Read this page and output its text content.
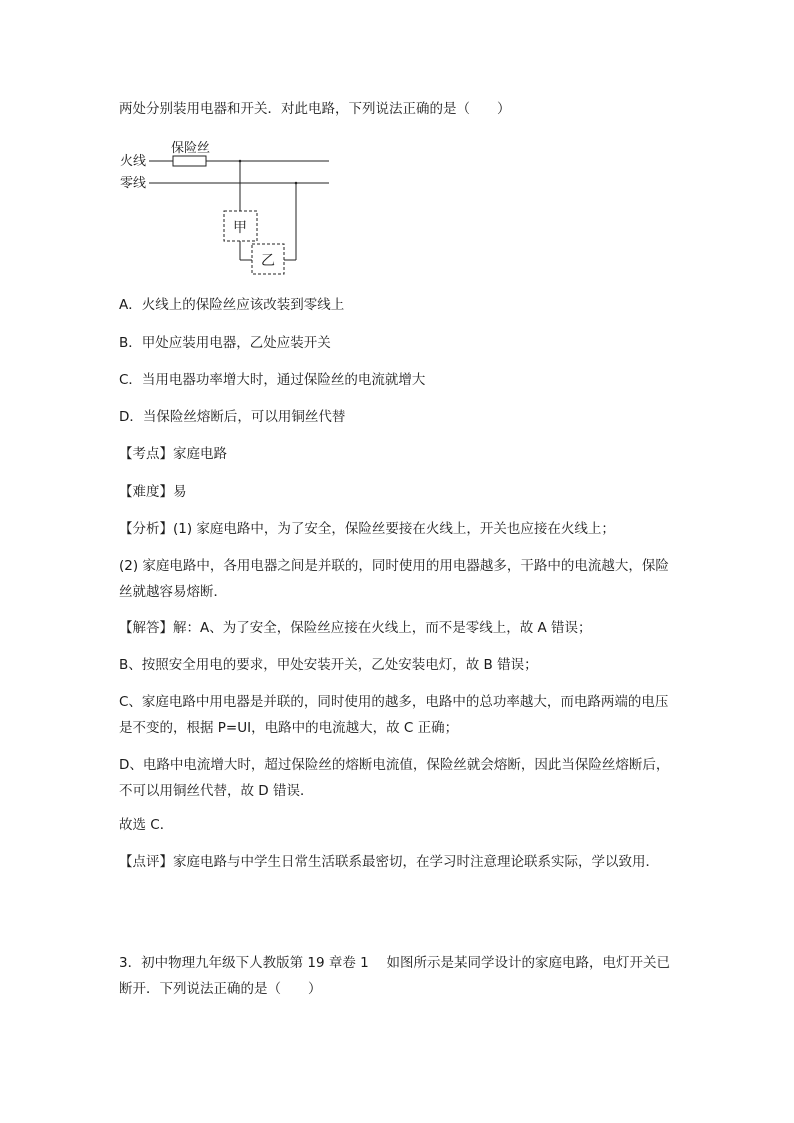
两处分别装用电器和开关．对此电路，下列说法正确的是（　　）
保险丝
火线
零线
甲
乙
A．火线上的保险丝应该改装到零线上
B．甲处应装用电器，乙处应装开关
C．当用电器功率增大时，通过保险丝的电流就增大
D．当保险丝熔断后，可以用铜丝代替
【考点】家庭电路
【难度】易
【分析】(1) 家庭电路中，为了安全，保险丝要接在火线上，开关也应接在火线上；
(2) 家庭电路中，各用电器之间是并联的，同时使用的用电器越多，干路中的电流越大，保险丝就越容易熔断．
【解答】解：A、为了安全，保险丝应接在火线上，而不是零线上，故 A 错误；
B、按照安全用电的要求，甲处安装开关，乙处安装电灯，故 B 错误；
C、家庭电路中用电器是并联的，同时使用的越多，电路中的总功率越大，而电路两端的电压是不变的，根据 P=UI，电路中的电流越大，故 C 正确；
D、电路中电流增大时，超过保险丝的熔断电流值，保险丝就会熔断，因此当保险丝熔断后，不可以用铜丝代替，故 D 错误．
故选 C．
【点评】家庭电路与中学生日常生活联系最密切，在学习时注意理论联系实际，学以致用．
3．初中物理九年级下人教版第 19 章卷 1　 如图所示是某同学设计的家庭电路，电灯开关已断开．下列说法正确的是（　　）
